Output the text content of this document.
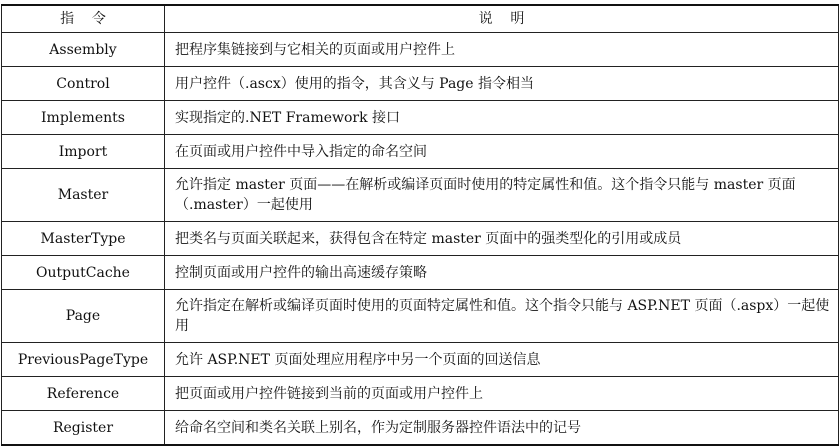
指    令	说    明
Assembly	把程序集链接到与它相关的页面或用户控件上
Control	用户控件（.ascx）使用的指令，其含义与 Page 指令相当
Implements	实现指定的.NET Framework 接口
Import	在页面或用户控件中导入指定的命名空间
Master	允许指定 master 页面——在解析或编译页面时使用的特定属性和值。这个指令只能与 master 页面（.master）一起使用
MasterType	把类名与页面关联起来，获得包含在特定 master 页面中的强类型化的引用或成员
OutputCache	控制页面或用户控件的输出高速缓存策略
Page	允许指定在解析或编译页面时使用的页面特定属性和值。这个指令只能与 ASP.NET 页面（.aspx）一起使用
PreviousPageType	允许 ASP.NET 页面处理应用程序中另一个页面的回送信息
Reference	把页面或用户控件链接到当前的页面或用户控件上
Register	给命名空间和类名关联上别名，作为定制服务器控件语法中的记号
